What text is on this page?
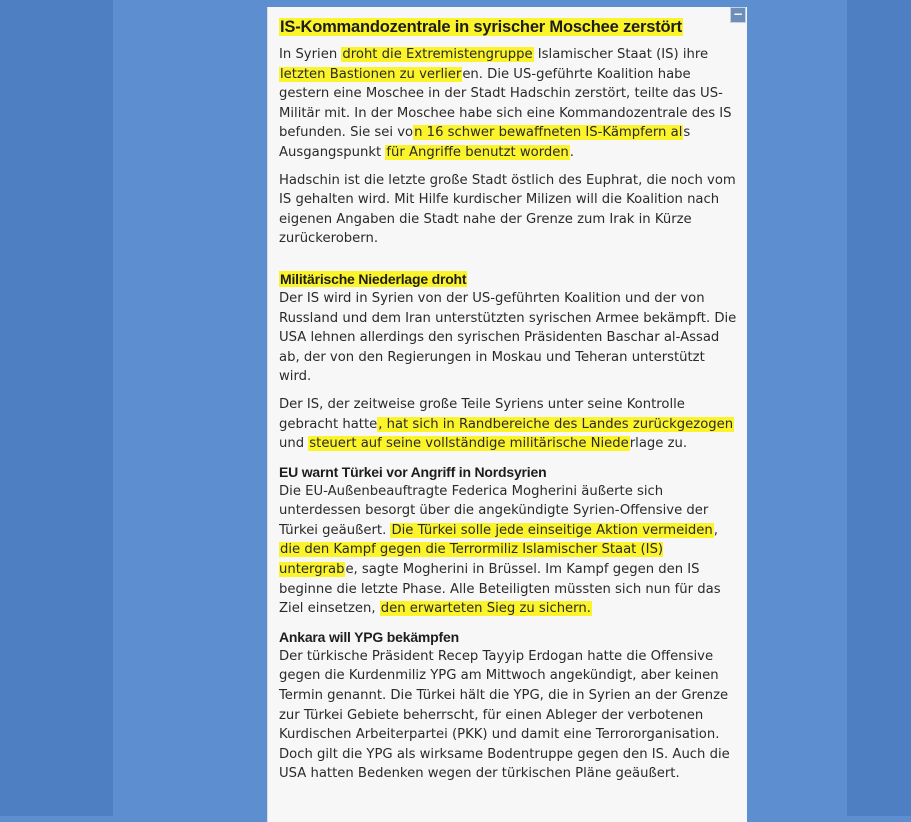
−
IS-Kommandozentrale in syrischer Moschee zerstört

In Syrien droht die Extremistengruppe Islamischer Staat (IS) ihre letzten Bastionen zu verlieren. Die US-geführte Koalition habe gestern eine Moschee in der Stadt Hadschin zerstört, teilte das US-Militär mit. In der Moschee habe sich eine Kommandozentrale des IS befunden. Sie sei von 16 schwer bewaffneten IS-Kämpfern als Ausgangspunkt für Angriffe benutzt worden.

Hadschin ist die letzte große Stadt östlich des Euphrat, die noch vom IS gehalten wird. Mit Hilfe kurdischer Milizen will die Koalition nach eigenen Angaben die Stadt nahe der Grenze zum Irak in Kürze zurückerobern.

Militärische Niederlage droht

Der IS wird in Syrien von der US-geführten Koalition und der von Russland und dem Iran unterstützten syrischen Armee bekämpft. Die USA lehnen allerdings den syrischen Präsidenten Baschar al-Assad ab, der von den Regierungen in Moskau und Teheran unterstützt wird.

Der IS, der zeitweise große Teile Syriens unter seine Kontrolle gebracht hatte, hat sich in Randbereiche des Landes zurückgezogen und steuert auf seine vollständige militärische Niederlage zu.

EU warnt Türkei vor Angriff in Nordsyrien

Die EU-Außenbeauftragte Federica Mogherini äußerte sich unterdessen besorgt über die angekündigte Syrien-Offensive der Türkei geäußert. Die Türkei solle jede einseitige Aktion vermeiden, die den Kampf gegen die Terrormiliz Islamischer Staat (IS) untergrabe, sagte Mogherini in Brüssel. Im Kampf gegen den IS beginne die letzte Phase. Alle Beteiligten müssten sich nun für das Ziel einsetzen, den erwarteten Sieg zu sichern.

Ankara will YPG bekämpfen

Der türkische Präsident Recep Tayyip Erdogan hatte die Offensive gegen die Kurdenmiliz YPG am Mittwoch angekündigt, aber keinen Termin genannt. Die Türkei hält die YPG, die in Syrien an der Grenze zur Türkei Gebiete beherrscht, für einen Ableger der verbotenen Kurdischen Arbeiterpartei (PKK) und damit eine Terrororganisation. Doch gilt die YPG als wirksame Bodentruppe gegen den IS. Auch die USA hatten Bedenken wegen der türkischen Pläne geäußert.
